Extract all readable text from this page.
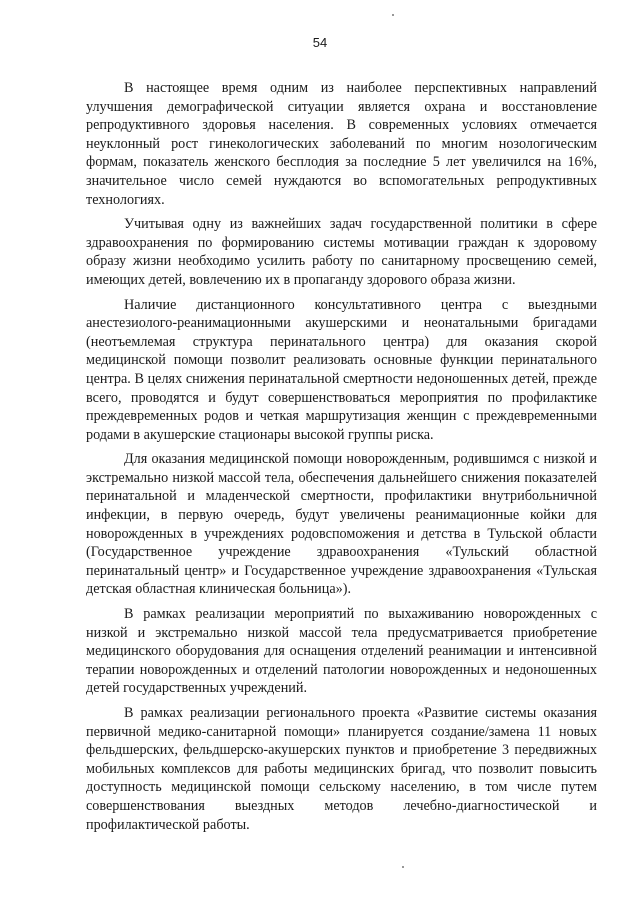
54

В настоящее время одним из наиболее перспективных направлений улучшения демографической ситуации является охрана и восстановление репродуктивного здоровья населения. В современных условиях отмечается неуклонный рост гинекологических заболеваний по многим нозологическим формам, показатель женского бесплодия за последние 5 лет увеличился на 16%, значительное число семей нуждаются во вспомогательных репродуктивных технологиях.

Учитывая одну из важнейших задач государственной политики в сфере здравоохранения по формированию системы мотивации граждан к здоровому образу жизни необходимо усилить работу по санитарному просвещению семей, имеющих детей, вовлечению их в пропаганду здорового образа жизни.

Наличие дистанционного консультативного центра с выездными анестезиолого-реанимационными акушерскими и неонатальными бригадами (неотъемлемая структура перинатального центра) для оказания скорой медицинской помощи позволит реализовать основные функции перинатального центра. В целях снижения перинатальной смертности недоношенных детей, прежде всего, проводятся и будут совершенствоваться мероприятия по профилактике преждевременных родов и четкая маршрутизация женщин с преждевременными родами в акушерские стационары высокой группы риска.

Для оказания медицинской помощи новорожденным, родившимся с низкой и экстремально низкой массой тела, обеспечения дальнейшего снижения показателей перинатальной и младенческой смертности, профилактики внутрибольничной инфекции, в первую очередь, будут увеличены реанимационные койки для новорожденных в учреждениях родовспоможения и детства в Тульской области (Государственное учреждение здравоохранения «Тульский областной перинатальный центр» и Государственное учреждение здравоохранения «Тульская детская областная клиническая больница»).

В рамках реализации мероприятий по выхаживанию новорожденных с низкой и экстремально низкой массой тела предусматривается приобретение медицинского оборудования для оснащения отделений реанимации и интенсивной терапии новорожденных и отделений патологии новорожденных и недоношенных детей государственных учреждений.

В рамках реализации регионального проекта «Развитие системы оказания первичной медико-санитарной помощи» планируется создание/замена 11 новых фельдшерских, фельдшерско-акушерских пунктов и приобретение 3 передвижных мобильных комплексов для работы медицинских бригад, что позволит повысить доступность медицинской помощи сельскому населению, в том числе путем совершенствования выездных методов лечебно-диагностической и профилактической работы.
